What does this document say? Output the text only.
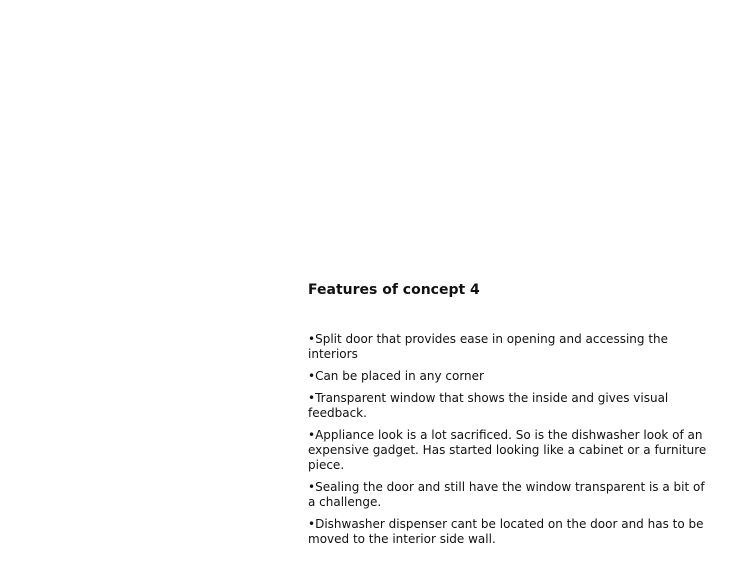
Features of concept 4
•Split door that provides ease in opening and accessing the interiors
•Can be placed in any corner
•Transparent window that shows the inside and gives visual feedback.
•Appliance look is a lot sacrificed. So is the dishwasher look of an expensive gadget. Has started looking like a cabinet or a furniture piece.
•Sealing the door and still have the window transparent is a bit of a challenge.
•Dishwasher dispenser cant be located on the door and has to be moved to the interior side wall.
